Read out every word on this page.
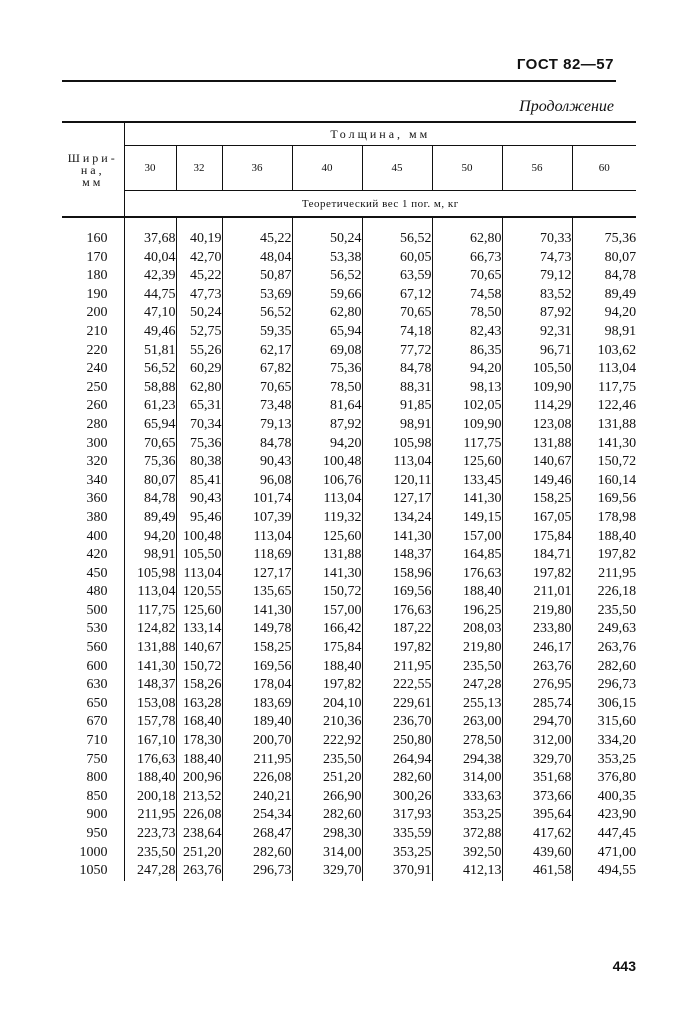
ГОСТ 82—57
Продолжение
Шири-
на,
мм	Толщина, мм							
	30	32	36	40	45	50	56	60
	Теоретический вес 1 пог. м, кг							
160	37,68	40,19	45,22	50,24	56,52	62,80	70,33	75,36
170	40,04	42,70	48,04	53,38	60,05	66,73	74,73	80,07
180	42,39	45,22	50,87	56,52	63,59	70,65	79,12	84,78
190	44,75	47,73	53,69	59,66	67,12	74,58	83,52	89,49
200	47,10	50,24	56,52	62,80	70,65	78,50	87,92	94,20
210	49,46	52,75	59,35	65,94	74,18	82,43	92,31	98,91
220	51,81	55,26	62,17	69,08	77,72	86,35	96,71	103,62
240	56,52	60,29	67,82	75,36	84,78	94,20	105,50	113,04
250	58,88	62,80	70,65	78,50	88,31	98,13	109,90	117,75
260	61,23	65,31	73,48	81,64	91,85	102,05	114,29	122,46
280	65,94	70,34	79,13	87,92	98,91	109,90	123,08	131,88
300	70,65	75,36	84,78	94,20	105,98	117,75	131,88	141,30
320	75,36	80,38	90,43	100,48	113,04	125,60	140,67	150,72
340	80,07	85,41	96,08	106,76	120,11	133,45	149,46	160,14
360	84,78	90,43	101,74	113,04	127,17	141,30	158,25	169,56
380	89,49	95,46	107,39	119,32	134,24	149,15	167,05	178,98
400	94,20	100,48	113,04	125,60	141,30	157,00	175,84	188,40
420	98,91	105,50	118,69	131,88	148,37	164,85	184,71	197,82
450	105,98	113,04	127,17	141,30	158,96	176,63	197,82	211,95
480	113,04	120,55	135,65	150,72	169,56	188,40	211,01	226,18
500	117,75	125,60	141,30	157,00	176,63	196,25	219,80	235,50
530	124,82	133,14	149,78	166,42	187,22	208,03	233,80	249,63
560	131,88	140,67	158,25	175,84	197,82	219,80	246,17	263,76
600	141,30	150,72	169,56	188,40	211,95	235,50	263,76	282,60
630	148,37	158,26	178,04	197,82	222,55	247,28	276,95	296,73
650	153,08	163,28	183,69	204,10	229,61	255,13	285,74	306,15
670	157,78	168,40	189,40	210,36	236,70	263,00	294,70	315,60
710	167,10	178,30	200,70	222,92	250,80	278,50	312,00	334,20
750	176,63	188,40	211,95	235,50	264,94	294,38	329,70	353,25
800	188,40	200,96	226,08	251,20	282,60	314,00	351,68	376,80
850	200,18	213,52	240,21	266,90	300,26	333,63	373,66	400,35
900	211,95	226,08	254,34	282,60	317,93	353,25	395,64	423,90
950	223,73	238,64	268,47	298,30	335,59	372,88	417,62	447,45
1000	235,50	251,20	282,60	314,00	353,25	392,50	439,60	471,00
1050	247,28	263,76	296,73	329,70	370,91	412,13	461,58	494,55
443
